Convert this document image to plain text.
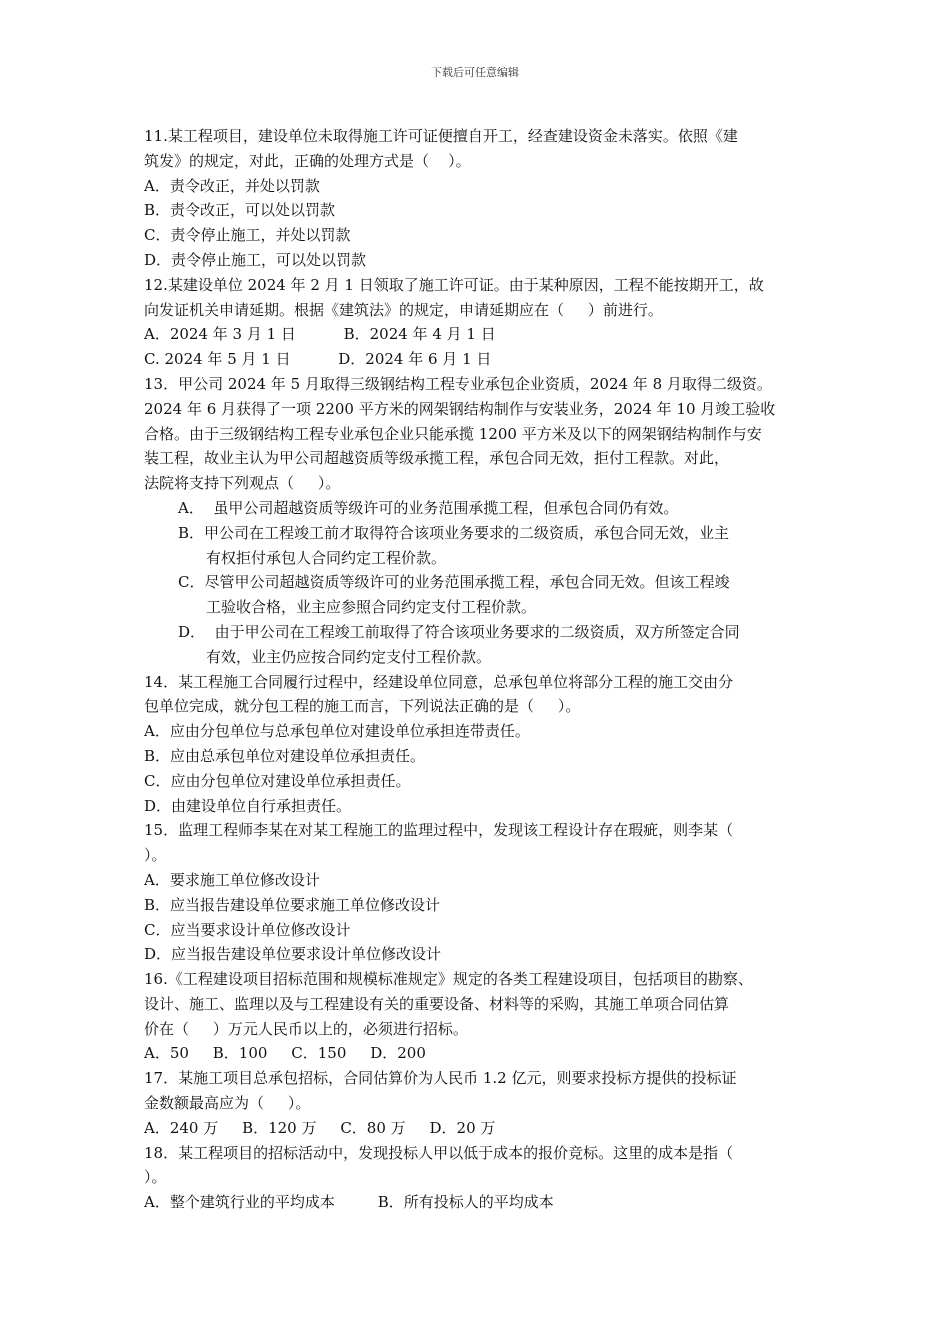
下载后可任意编辑
11.某工程项目，建设单位未取得施工许可证便擅自开工，经查建设资金未落实。依照《建
筑发》的规定，对此，正确的处理方式是（    ）。
A．责令改正，并处以罚款
B．责令改正，可以处以罚款
C．责令停止施工，并处以罚款
D．责令停止施工，可以处以罚款
12.某建设单位 2024 年 2 月 1 日领取了施工许可证。由于某种原因，工程不能按期开工，故
向发证机关申请延期。根据《建筑法》的规定，申请延期应在（     ）前进行。
A．2024 年 3 月 1 日          B．2024 年 4 月 1 日
C. 2024 年 5 月 1 日          D．2024 年 6 月 1 日
13．甲公司 2024 年 5 月取得三级钢结构工程专业承包企业资质，2024 年 8 月取得二级资。
2024 年 6 月获得了一项 2200 平方米的网架钢结构制作与安装业务，2024 年 10 月竣工验收
合格。由于三级钢结构工程专业承包企业只能承揽 1200 平方米及以下的网架钢结构制作与安
装工程，故业主认为甲公司超越资质等级承揽工程，承包合同无效，拒付工程款。对此，
法院将支持下列观点（     ）。
A．  虽甲公司超越资质等级许可的业务范围承揽工程，但承包合同仍有效。
B．甲公司在工程竣工前才取得符合该项业务要求的二级资质，承包合同无效，业主
有权拒付承包人合同约定工程价款。
C．尽管甲公司超越资质等级许可的业务范围承揽工程，承包合同无效。但该工程竣
工验收合格，业主应参照合同约定支付工程价款。
D．  由于甲公司在工程竣工前取得了符合该项业务要求的二级资质，双方所签定合同
有效，业主仍应按合同约定支付工程价款。
14．某工程施工合同履行过程中，经建设单位同意，总承包单位将部分工程的施工交由分
包单位完成，就分包工程的施工而言，下列说法正确的是（     ）。
A．应由分包单位与总承包单位对建设单位承担连带责任。
B．应由总承包单位对建设单位承担责任。
C．应由分包单位对建设单位承担责任。
D．由建设单位自行承担责任。
15．监理工程师李某在对某工程施工的监理过程中，发现该工程设计存在瑕疵，则李某（
）。
A．要求施工单位修改设计
B．应当报告建设单位要求施工单位修改设计
C．应当要求设计单位修改设计
D．应当报告建设单位要求设计单位修改设计
16.《工程建设项目招标范围和规模标准规定》规定的各类工程建设项目，包括项目的勘察、
设计、施工、监理以及与工程建设有关的重要设备、材料等的采购，其施工单项合同估算
价在（     ）万元人民币以上的，必须进行招标。
A．50     B．100     C．150     D．200
17．某施工项目总承包招标，合同估算价为人民币 1.2 亿元，则要求投标方提供的投标证
金数额最高应为（     ）。
A．240 万     B．120 万     C．80 万     D．20 万
18．某工程项目的招标活动中，发现投标人甲以低于成本的报价竞标。这里的成本是指（
）。
A．整个建筑行业的平均成本         B．所有投标人的平均成本
